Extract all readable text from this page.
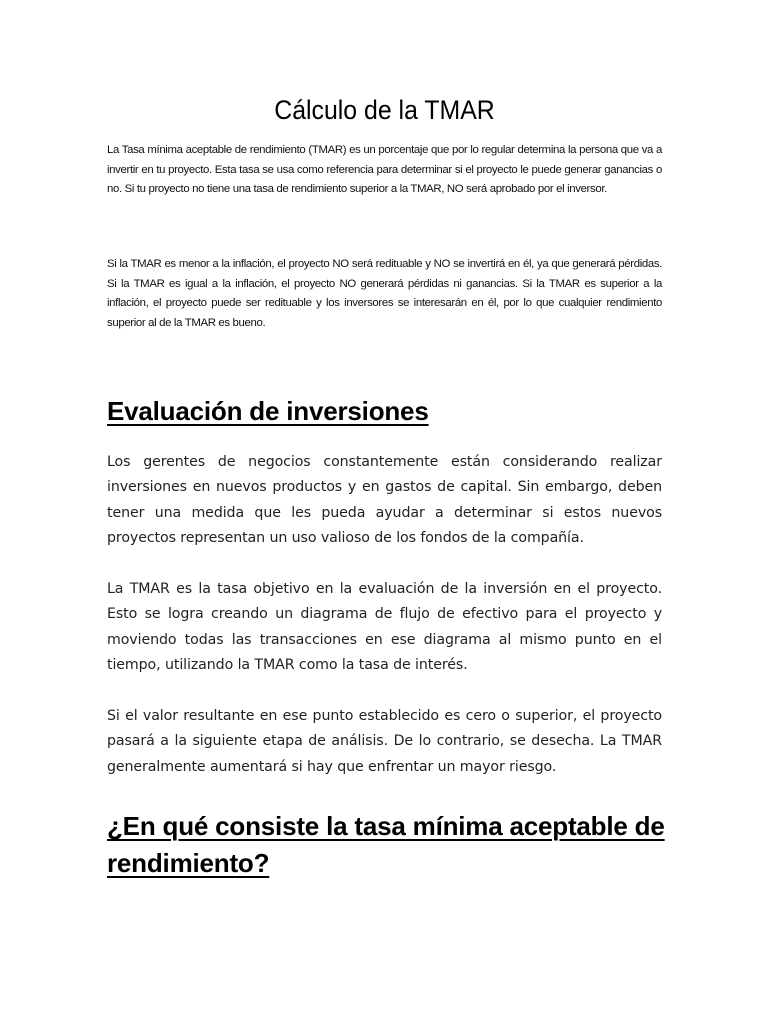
Cálculo de la TMAR

La Tasa mínima aceptable de rendimiento (TMAR) es un porcentaje que por lo regular determina la persona que va a invertir en tu proyecto. Esta tasa se usa como referencia para determinar si el proyecto le puede generar ganancias o no. Si tu proyecto no tiene una tasa de rendimiento superior a la TMAR, NO será aprobado por el inversor.

Si la TMAR es menor a la inflación, el proyecto NO será redituable y NO se invertirá en él, ya que generará pérdidas. Si la TMAR es igual a la inflación, el proyecto NO generará pérdidas ni ganancias. Si la TMAR es superior a la inflación, el proyecto puede ser redituable y los inversores se interesarán en él, por lo que cualquier rendimiento superior al de la TMAR es bueno.

Evaluación de inversiones

Los gerentes de negocios constantemente están considerando realizar inversiones en nuevos productos y en gastos de capital. Sin embargo, deben tener una medida que les pueda ayudar a determinar si estos nuevos proyectos representan un uso valioso de los fondos de la compañía.

La TMAR es la tasa objetivo en la evaluación de la inversión en el proyecto. Esto se logra creando un diagrama de flujo de efectivo para el proyecto y moviendo todas las transacciones en ese diagrama al mismo punto en el tiempo, utilizando la TMAR como la tasa de interés.

Si el valor resultante en ese punto establecido es cero o superior, el proyecto pasará a la siguiente etapa de análisis. De lo contrario, se desecha. La TMAR generalmente aumentará si hay que enfrentar un mayor riesgo.

¿En qué consiste la tasa mínima aceptable de rendimiento?
